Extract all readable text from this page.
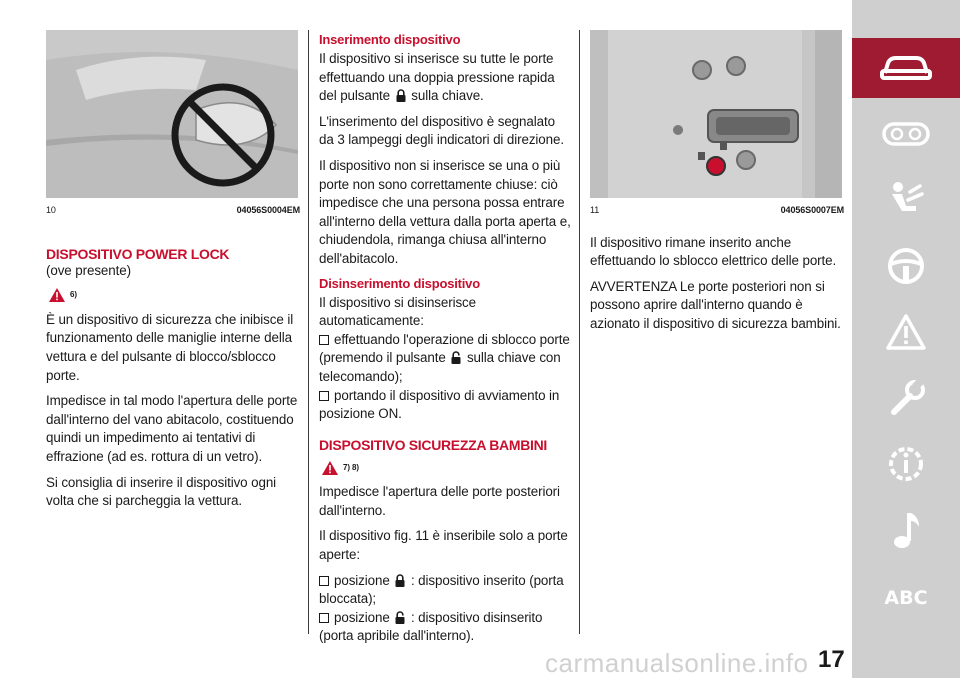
10	04056S0004EM
DISPOSITIVO POWER LOCK

(ove presente)

6)

È un dispositivo di sicurezza che inibisce il funzionamento delle maniglie interne della vettura e del pulsante di blocco/sblocco porte.

Impedisce in tal modo l'apertura delle porte dall'interno del vano abitacolo, costituendo quindi un impedimento ai tentativi di effrazione (ad es. rottura di un vetro).

Si consiglia di inserire il dispositivo ogni volta che si parcheggia la vettura.

Inserimento dispositivo

Il dispositivo si inserisce su tutte le porte effettuando una doppia pressione rapida del pulsante sulla chiave.

L'inserimento del dispositivo è segnalato da 3 lampeggi degli indicatori di direzione.

Il dispositivo non si inserisce se una o più porte non sono correttamente chiuse: ciò impedisce che una persona possa entrare all'interno della vettura dalla porta aperta e, chiudendola, rimanga chiusa all'interno dell'abitacolo.

Disinserimento dispositivo

Il dispositivo si disinserisce automaticamente:

effettuando l'operazione di sblocco porte (premendo il pulsante sulla chiave con telecomando);

portando il dispositivo di avviamento in posizione ON.

DISPOSITIVO SICUREZZA BAMBINI
7) 8)

Impedisce l'apertura delle porte posteriori dall'interno.

Il dispositivo fig. 11 è inseribile solo a porte aperte:

posizione : dispositivo inserito (porta bloccata);

posizione : dispositivo disinserito (porta apribile dall'interno).

11	04056S0007EM

Il dispositivo rimane inserito anche effettuando lo sblocco elettrico delle porte.

AVVERTENZA Le porte posteriori non si possono aprire dall'interno quando è azionato il dispositivo di sicurezza bambini.

carmanualsonline.info 17
ABC
